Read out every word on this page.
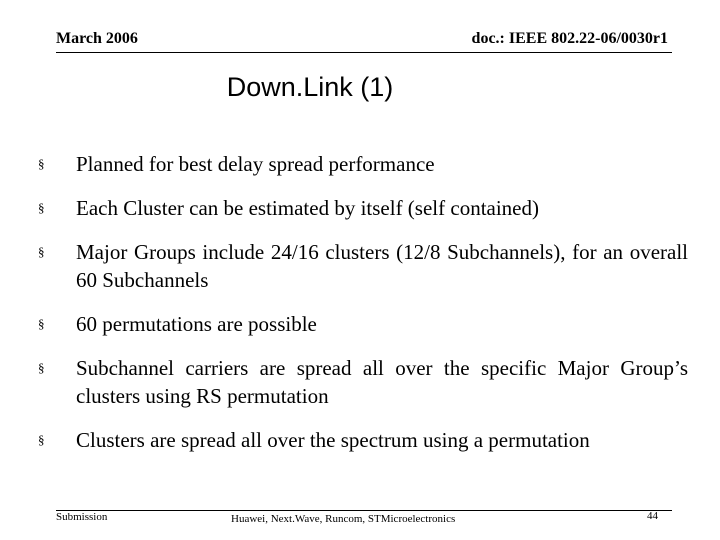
March 2006	doc.: IEEE 802.22-06/0030r1
Down.Link (1)
§ Planned for best delay spread performance
§ Each Cluster can be estimated by itself (self contained)
§ Major Groups include 24/16 clusters (12/8 Subchannels), for an overall 60 Subchannels
§ 60 permutations are possible
§ Subchannel carriers are spread all over the specific Major Group’s clusters using RS permutation
§ Clusters are spread all over the spectrum using a permutation
Submission	Huawei, Next.Wave, Runcom, STMicroelectronics	44
